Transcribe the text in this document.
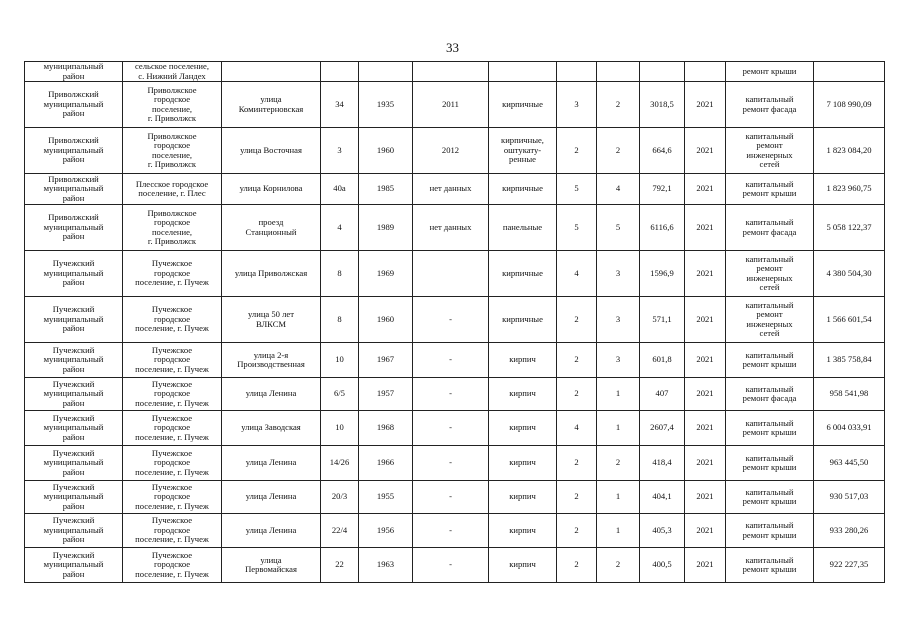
33
муниципальный
район	сельское поселение,
с. Нижний Ландех										ремонт крыши	
Приволжский
муниципальный
район	Приволжское
городское
поселение,
г. Приволжск	улица
Коминтерновская	34	1935	2011	кирпичные	3	2	3018,5	2021	капитальный
ремонт фасада	7 108 990,09
Приволжский
муниципальный
район	Приволжское
городское
поселение,
г. Приволжск	улица Восточная	3	1960	2012	кирпичные,
оштукату-
ренные	2	2	664,6	2021	капитальный
ремонт
инженерных
сетей	1 823 084,20
Приволжский
муниципальный
район	Плесское городское
поселение, г. Плес	улица Корнилова	40а	1985	нет данных	кирпичные	5	4	792,1	2021	капитальный
ремонт крыши	1 823 960,75
Приволжский
муниципальный
район	Приволжское
городское
поселение,
г. Приволжск	проезд
Станционный	4	1989	нет данных	панельные	5	5	6116,6	2021	капитальный
ремонт фасада	5 058 122,37
Пучежский
муниципальный
район	Пучежское
городское
поселение, г. Пучеж	улица Приволжская	8	1969		кирпичные	4	3	1596,9	2021	капитальный
ремонт
инженерных
сетей	4 380 504,30
Пучежский
муниципальный
район	Пучежское
городское
поселение, г. Пучеж	улица 50 лет
ВЛКСМ	8	1960	-	кирпичные	2	3	571,1	2021	капитальный
ремонт
инженерных
сетей	1 566 601,54
Пучежский
муниципальный
район	Пучежское
городское
поселение, г. Пучеж	улица 2-я
Производственная	10	1967	-	кирпич	2	3	601,8	2021	капитальный
ремонт крыши	1 385 758,84
Пучежский
муниципальный
район	Пучежское
городское
поселение, г. Пучеж	улица Ленина	6/5	1957	-	кирпич	2	1	407	2021	капитальный
ремонт фасада	958 541,98
Пучежский
муниципальный
район	Пучежское
городское
поселение, г. Пучеж	улица Заводская	10	1968	-	кирпич	4	1	2607,4	2021	капитальный
ремонт крыши	6 004 033,91
Пучежский
муниципальный
район	Пучежское
городское
поселение, г. Пучеж	улица Ленина	14/26	1966	-	кирпич	2	2	418,4	2021	капитальный
ремонт крыши	963 445,50
Пучежский
муниципальный
район	Пучежское
городское
поселение, г. Пучеж	улица Ленина	20/3	1955	-	кирпич	2	1	404,1	2021	капитальный
ремонт крыши	930 517,03
Пучежский
муниципальный
район	Пучежское
городское
поселение, г. Пучеж	улица Ленина	22/4	1956	-	кирпич	2	1	405,3	2021	капитальный
ремонт крыши	933 280,26
Пучежский
муниципальный
район	Пучежское
городское
поселение, г. Пучеж	улица
Первомайская	22	1963	-	кирпич	2	2	400,5	2021	капитальный
ремонт крыши	922 227,35
